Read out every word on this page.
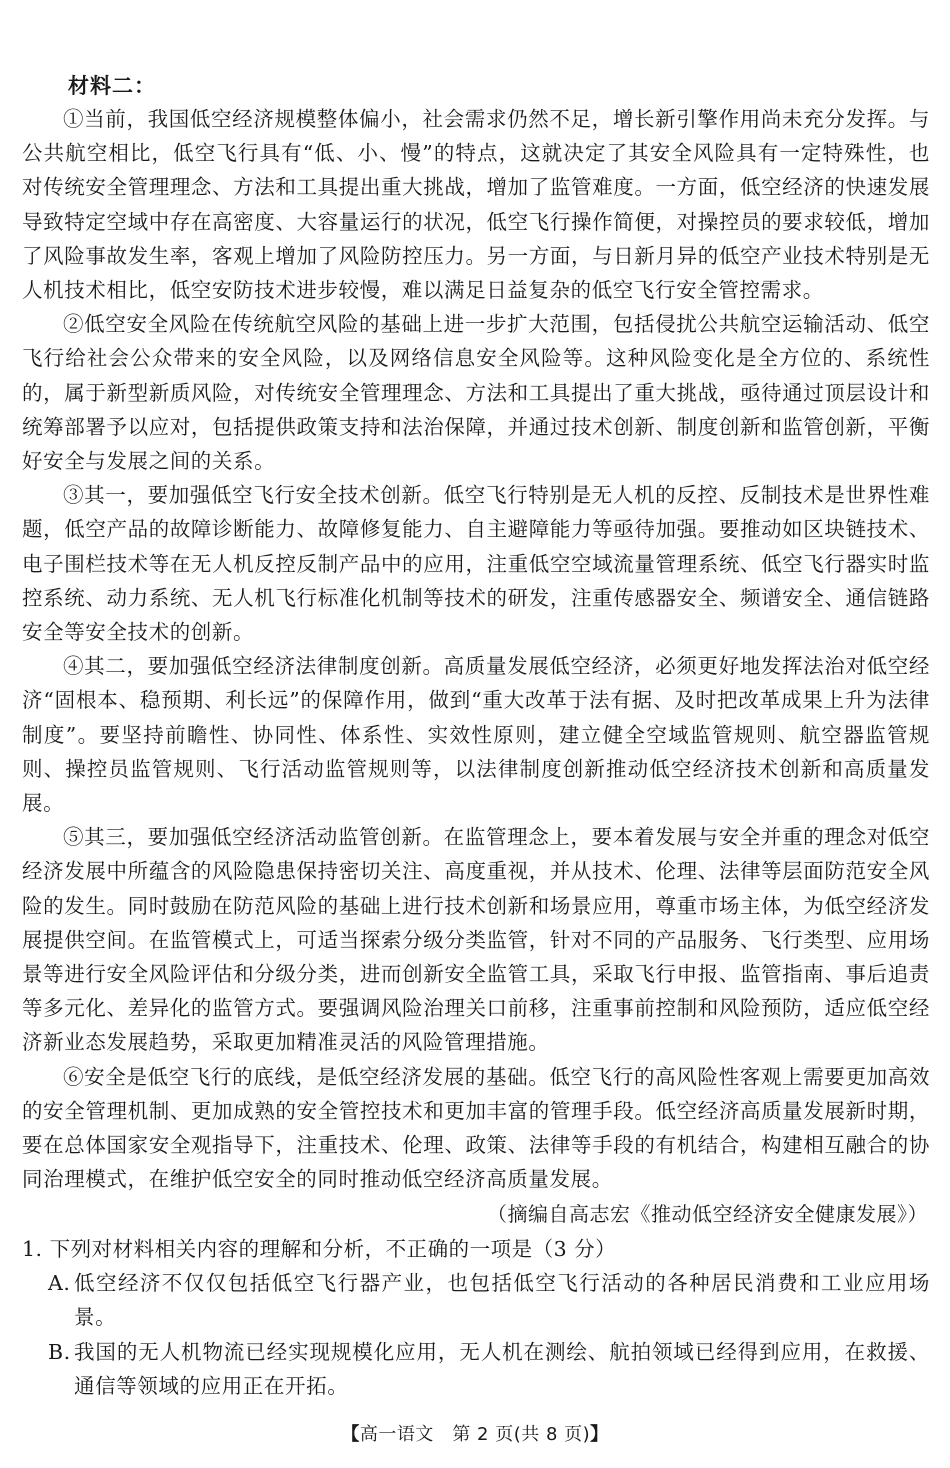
材料二：

①当前，我国低空经济规模整体偏小，社会需求仍然不足，增长新引擎作用尚未充分发挥。与公共航空相比，低空飞行具有“低、小、慢”的特点，这就决定了其安全风险具有一定特殊性，也对传统安全管理理念、方法和工具提出重大挑战，增加了监管难度。一方面，低空经济的快速发展导致特定空域中存在高密度、大容量运行的状况，低空飞行操作简便，对操控员的要求较低，增加了风险事故发生率，客观上增加了风险防控压力。另一方面，与日新月异的低空产业技术特别是无人机技术相比，低空安防技术进步较慢，难以满足日益复杂的低空飞行安全管控需求。

②低空安全风险在传统航空风险的基础上进一步扩大范围，包括侵扰公共航空运输活动、低空飞行给社会公众带来的安全风险，以及网络信息安全风险等。这种风险变化是全方位的、系统性的，属于新型新质风险，对传统安全管理理念、方法和工具提出了重大挑战，亟待通过顶层设计和统筹部署予以应对，包括提供政策支持和法治保障，并通过技术创新、制度创新和监管创新，平衡好安全与发展之间的关系。

③其一，要加强低空飞行安全技术创新。低空飞行特别是无人机的反控、反制技术是世界性难题，低空产品的故障诊断能力、故障修复能力、自主避障能力等亟待加强。要推动如区块链技术、电子围栏技术等在无人机反控反制产品中的应用，注重低空空域流量管理系统、低空飞行器实时监控系统、动力系统、无人机飞行标准化机制等技术的研发，注重传感器安全、频谱安全、通信链路安全等安全技术的创新。

④其二，要加强低空经济法律制度创新。高质量发展低空经济，必须更好地发挥法治对低空经济“固根本、稳预期、利长远”的保障作用，做到“重大改革于法有据、及时把改革成果上升为法律制度”。要坚持前瞻性、协同性、体系性、实效性原则，建立健全空域监管规则、航空器监管规则、操控员监管规则、飞行活动监管规则等，以法律制度创新推动低空经济技术创新和高质量发展。

⑤其三，要加强低空经济活动监管创新。在监管理念上，要本着发展与安全并重的理念对低空经济发展中所蕴含的风险隐患保持密切关注、高度重视，并从技术、伦理、法律等层面防范安全风险的发生。同时鼓励在防范风险的基础上进行技术创新和场景应用，尊重市场主体，为低空经济发展提供空间。在监管模式上，可适当探索分级分类监管，针对不同的产品服务、飞行类型、应用场景等进行安全风险评估和分级分类，进而创新安全监管工具，采取飞行申报、监管指南、事后追责等多元化、差异化的监管方式。要强调风险治理关口前移，注重事前控制和风险预防，适应低空经济新业态发展趋势，采取更加精准灵活的风险管理措施。

⑥安全是低空飞行的底线，是低空经济发展的基础。低空飞行的高风险性客观上需要更加高效的安全管理机制、更加成熟的安全管控技术和更加丰富的管理手段。低空经济高质量发展新时期，要在总体国家安全观指导下，注重技术、伦理、政策、法律等手段的有机结合，构建相互融合的协同治理模式，在维护低空安全的同时推动低空经济高质量发展。

（摘编自高志宏《推动低空经济安全健康发展》）

1. 下列对材料相关内容的理解和分析，不正确的一项是（3 分）

A. 低空经济不仅仅包括低空飞行器产业，也包括低空飞行活动的各种居民消费和工业应用场景。
B. 我国的无人机物流已经实现规模化应用，无人机在测绘、航拍领域已经得到应用，在救援、通信等领域的应用正在开拓。
【高一语文　第 2 页(共 8 页)】
